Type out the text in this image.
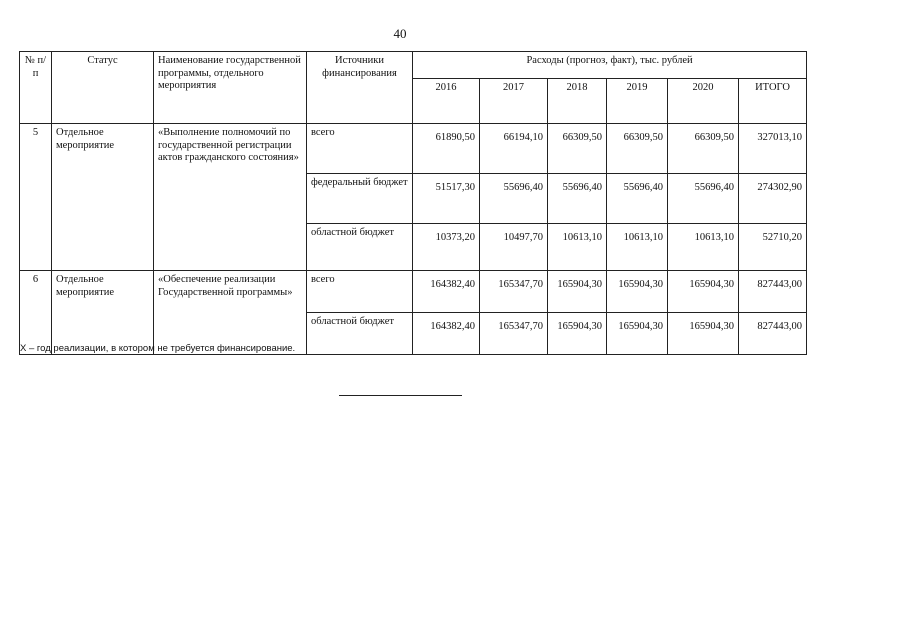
40
№ п/п	Статус	Наименование государственной программы, отдельного мероприятия	Источники финансирования	Расходы (прогноз, факт), тыс. рублей					
				2016	2017	2018	2019	2020	ИТОГО
5	Отдельное мероприятие	«Выполнение полномочий по государственной регистрации актов гражданского состояния»	всего	61890,50	66194,10	66309,50	66309,50	66309,50	327013,10
			федеральный бюджет	51517,30	55696,40	55696,40	55696,40	55696,40	274302,90
			областной бюджет	10373,20	10497,70	10613,10	10613,10	10613,10	52710,20
6	Отдельное мероприятие	«Обеспечение реализации Государственной программы»	всего	164382,40	165347,70	165904,30	165904,30	165904,30	827443,00
			областной бюджет	164382,40	165347,70	165904,30	165904,30	165904,30	827443,00
Х – год реализации, в котором не требуется финансирование.
